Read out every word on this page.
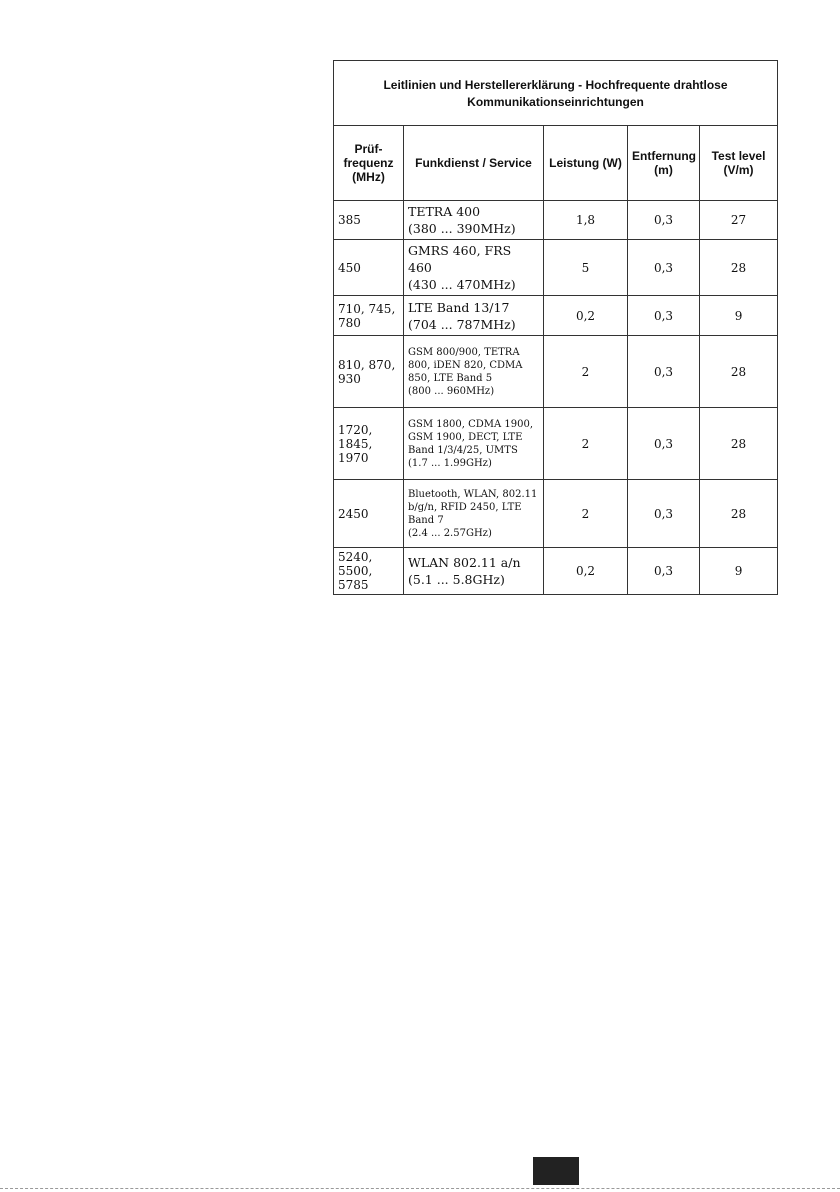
Leitlinien und Herstellererklärung - Hochfrequente drahtlose
Kommunikationseinrichtungen				

Prüf-
frequenz
(MHz)	Funkdienst / Service	Leistung (W)	Entfernung
(m)	Test level
(V/m)

385	TETRA 400
(380 ... 390MHz)	1,8	0,3	27

450	GMRS 460, FRS 460
(430 ... 470MHz)	5	0,3	28

710, 745,
780	LTE Band 13/17
(704 ... 787MHz)	0,2	0,3	9

810, 870,
930	GSM 800/900, TETRA
800, iDEN 820, CDMA
850, LTE Band 5
(800 ... 960MHz)	2	0,3	28

1720,
1845, 1970	GSM 1800, CDMA 1900,
GSM 1900, DECT, LTE
Band 1/3/4/25, UMTS
(1.7 ... 1.99GHz)	2	0,3	28

2450	Bluetooth, WLAN, 802.11
b/g/n, RFID 2450, LTE
Band 7
(2.4 ... 2.57GHz)	2	0,3	28

5240,
5500, 5785	WLAN 802.11 a/n
(5.1 ... 5.8GHz)	0,2	0,3	9
